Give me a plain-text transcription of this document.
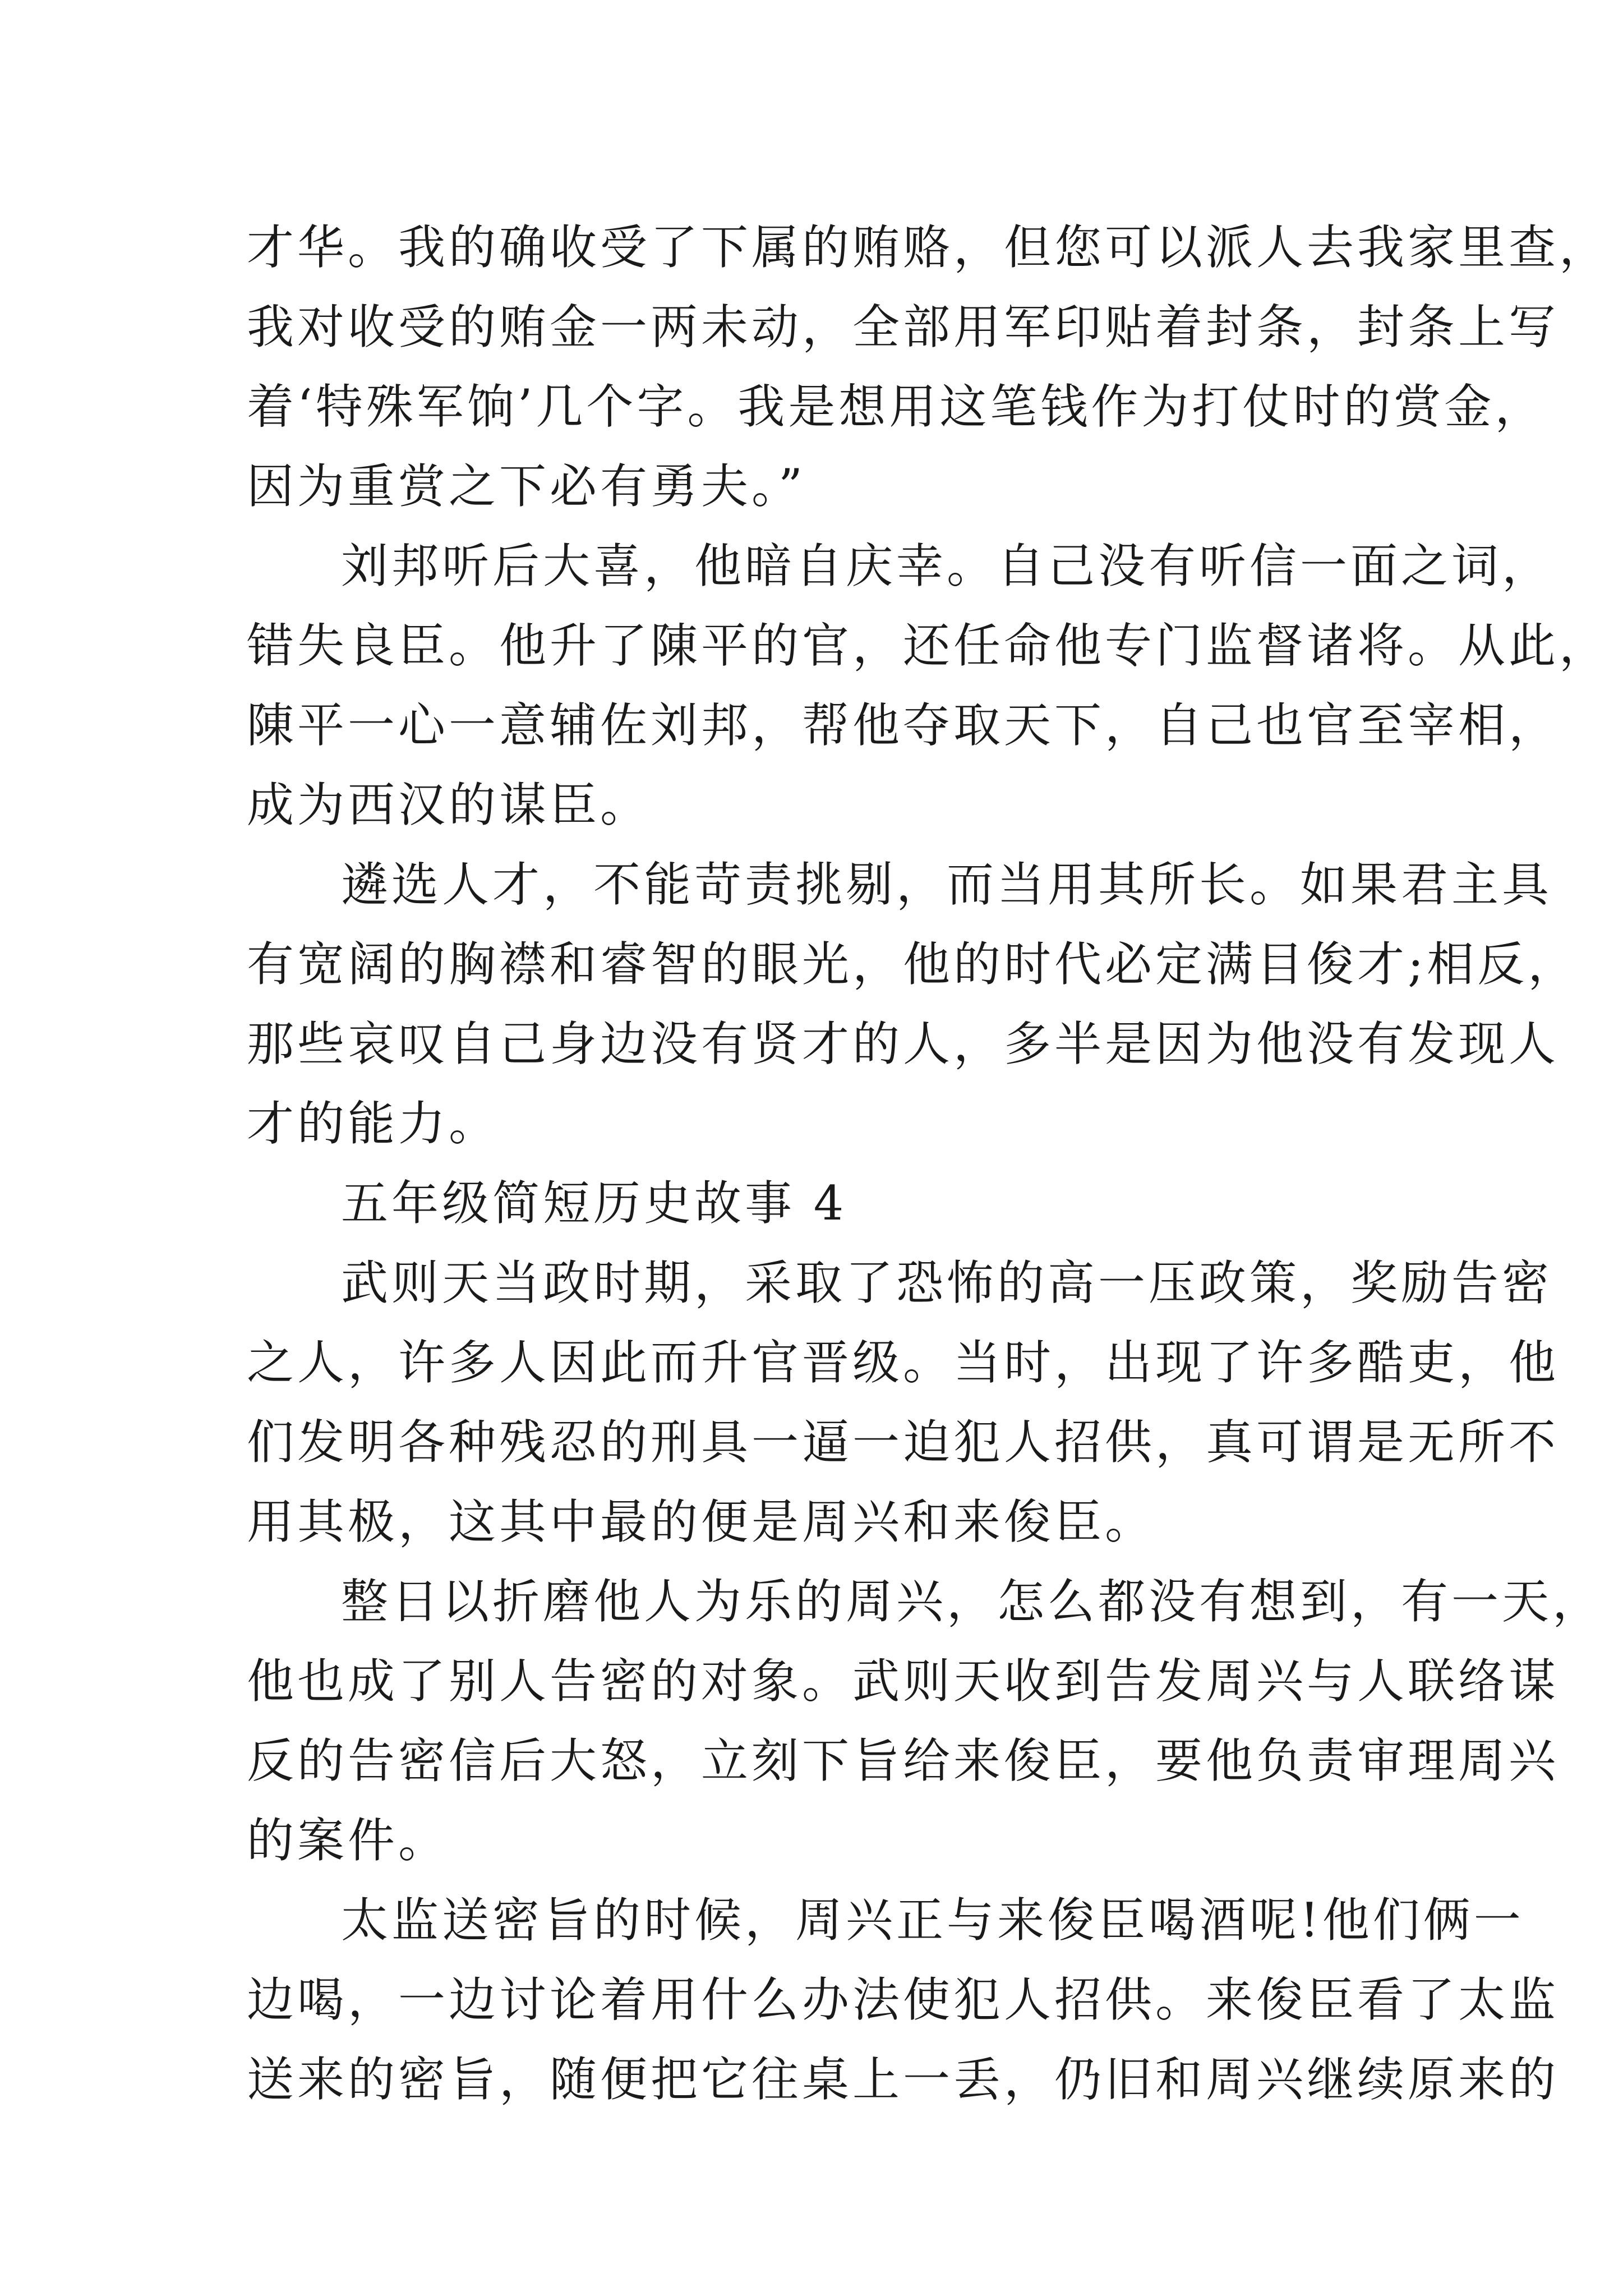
才华。我的确收受了下属的贿赂，但您可以派人去我家里查，
我对收受的贿金一两未动，全部用军印贴着封条，封条上写
着‘特殊军饷’几个字。我是想用这笔钱作为打仗时的赏金，
因为重赏之下必有勇夫。”
刘邦听后大喜，他暗自庆幸。自己没有听信一面之词，
错失良臣。他升了陳平的官，还任命他专门监督诸将。从此，
陳平一心一意辅佐刘邦，帮他夺取天下，自己也官至宰相，
成为西汉的谋臣。
遴选人才，不能苛责挑剔，而当用其所长。如果君主具
有宽阔的胸襟和睿智的眼光，他的时代必定满目俊才;相反，
那些哀叹自己身边没有贤才的人，多半是因为他没有发现人
才的能力。
五年级简短历史故事 4
武则天当政时期，采取了恐怖的高一压政策，奖励告密
之人，许多人因此而升官晋级。当时，出现了许多酷吏，他
们发明各种残忍的刑具一逼一迫犯人招供，真可谓是无所不
用其极，这其中最的便是周兴和来俊臣。
整日以折磨他人为乐的周兴，怎么都没有想到，有一天，
他也成了别人告密的对象。武则天收到告发周兴与人联络谋
反的告密信后大怒，立刻下旨给来俊臣，要他负责审理周兴
的案件。
太监送密旨的时候，周兴正与来俊臣喝酒呢!他们俩一
边喝，一边讨论着用什么办法使犯人招供。来俊臣看了太监
送来的密旨，随便把它往桌上一丢，仍旧和周兴继续原来的
